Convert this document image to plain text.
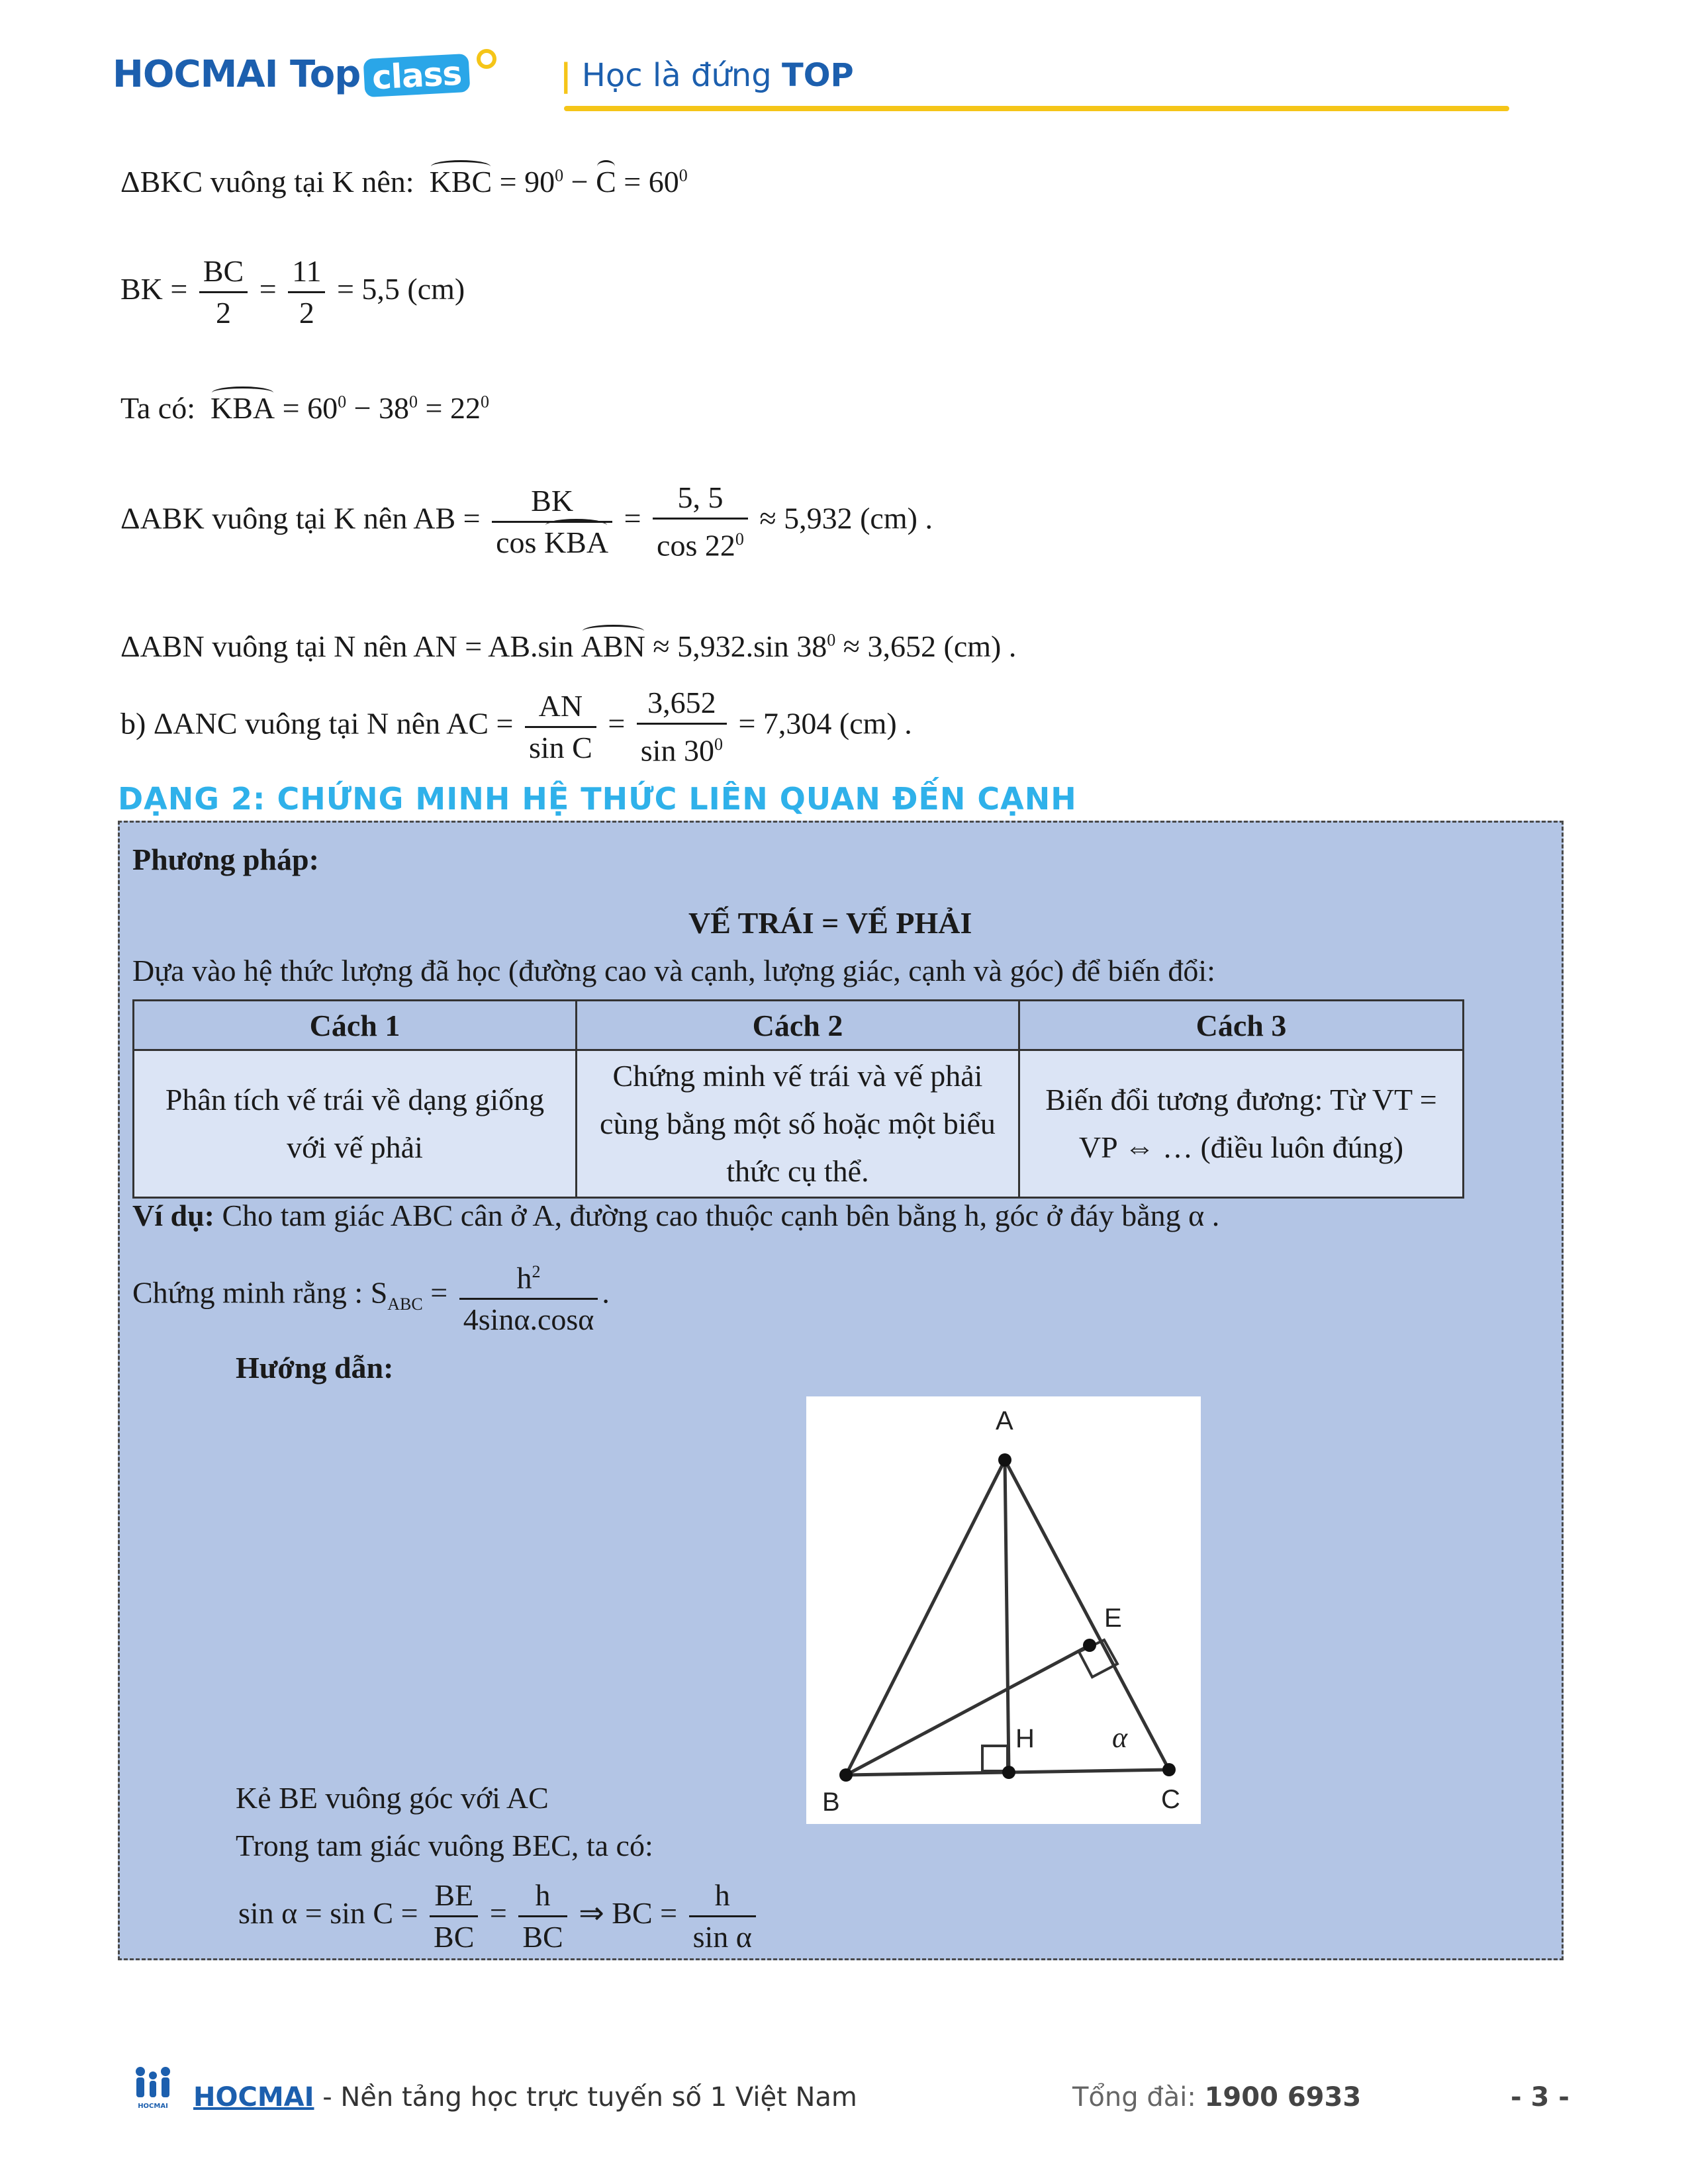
HOCMAI Top class	| Học là đứng TOP
ΔBKC vuông tại K nên: KBC = $90^0 - C = 60^0$
BK = $\frac{BC}{2} = \frac{11}{2} = 5,5$ (cm)
Ta có: KBA = $60^0 - 38^0 = 22^0$
ΔABK vuông tại K nên AB = $\frac{BK}{\text{cos KBA}} = \frac{5, 5}{\cos 22^0} \approx 5,932$ (cm) .
ΔABN vuông tại N nên AN = AB.sin ABN ≈ 5,932.sin $38^0 \approx 3,652$ (cm) .
b) ΔANC vuông tại N nên AC = $\frac{AN}{\text{sin C}} = \frac{3,652}{\sin 30^0} = 7,304$ (cm) .
DẠNG 2: CHỨNG MINH HỆ THỨC LIÊN QUAN ĐẾN CẠNH
Phương pháp:
VẾ TRÁI = VẾ PHẢI
Dựa vào hệ thức lượng đã học (đường cao và cạnh, lượng giác, cạnh và góc) để biến đổi:
Cách 1	Cách 2	Cách 3
Phân tích vế trái về dạng giống với vế phải	Chứng minh vế trái và vế phải cùng bằng một số hoặc một biểu thức cụ thể.	Biến đổi tương đương: Từ VT = VP ⇔ … (điều luôn đúng)
Ví dụ: Cho tam giác ABC cân ở A, đường cao thuộc cạnh bên bằng h, góc ở đáy bằng α .
Chứng minh rằng : $S_{ABC} = \frac{h^2}{4\sin\alpha.\cos\alpha}$ .
Hướng dẫn:
A
B	C
E
H	α
Kẻ BE vuông góc với AC
Trong tam giác vuông BEC, ta có:
$\sin \alpha = \sin C = \frac{BE}{BC} = \frac{h}{BC}$ ⇒ BC = $\frac{h}{\text{sin α}}$
HOCMAI HOCMAI - Nền tảng học trực tuyến số 1 Việt Nam	Tổng đài: 1900 6933	- 3 -
